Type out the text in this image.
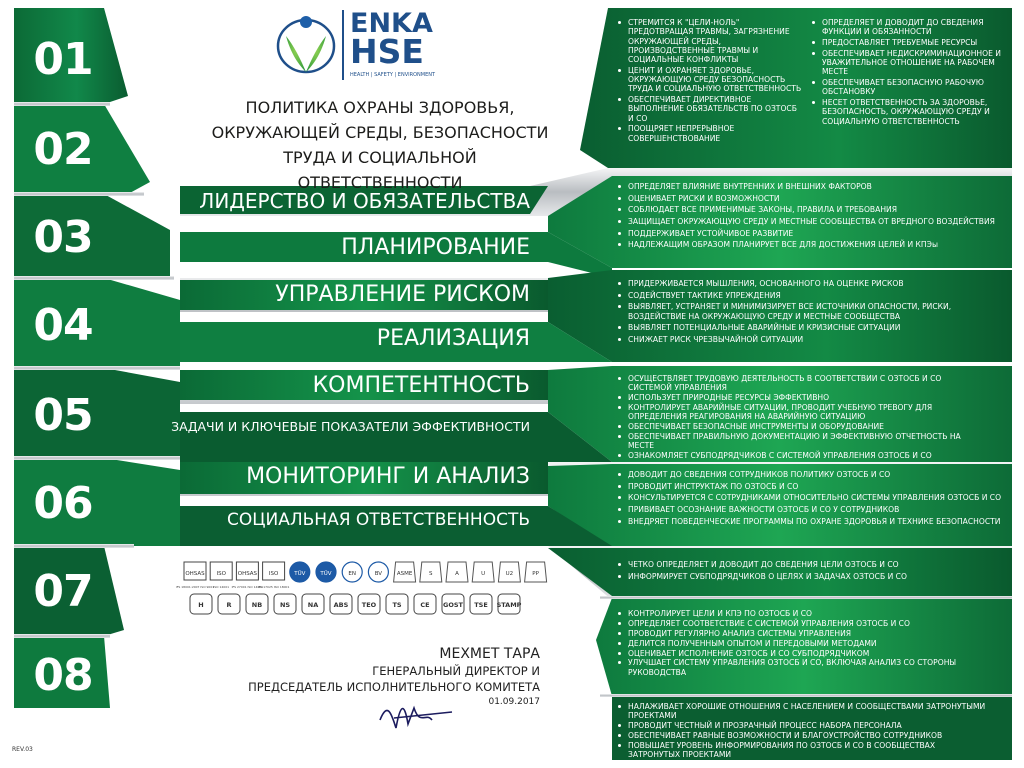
OHSAS
IFS 18001:2007 ISO 9001
ISO
ISO 14001
OHSAS
IFS 27001 ISO 14001
ISO
IFS 17025 ISO 18001
TÜV	TÜV	EN	BV	ASME	S	A	U	U2	PP
H	R	NB	NS	NA ABS TEO TS	CE GOST TSE STAMP
01
02
03
04
05
06
07
08
ENKA
HSE
HEALTH | SAFETY | ENVIRONMENT
ПОЛИТИКА ОХРАНЫ ЗДОРОВЬЯ,
ОКРУЖАЮЩЕЙ СРЕДЫ, БЕЗОПАСНОСТИ
ТРУДА И СОЦИАЛЬНОЙ ОТВЕТСТВЕННОСТИ
ЛИДЕРСТВО И ОБЯЗАТЕЛЬСТВА
ПЛАНИРОВАНИЕ
УПРАВЛЕНИЕ РИСКОМ
РЕАЛИЗАЦИЯ
КОМПЕТЕНТНОСТЬ
ЗАДАЧИ И КЛЮЧЕВЫЕ ПОКАЗАТЕЛИ ЭФФЕКТИВНОСТИ
МОНИТОРИНГ И АНАЛИЗ
СОЦИАЛЬНАЯ ОТВЕТСТВЕННОСТЬ
СТРЕМИТСЯ К "ЦЕЛИ-НОЛЬ" ПРЕДОТВРАЩАЯ ТРАВМЫ, ЗАГРЯЗНЕНИЕ ОКРУЖАЮЩЕЙ СРЕДЫ, ПРОИЗВОДСТВЕННЫЕ ТРАВМЫ И СОЦИАЛЬНЫЕ КОНФЛИКТЫ
ЦЕНИТ И ОХРАНЯЕТ ЗДОРОВЬЕ, ОКРУЖАЮЩУЮ СРЕДУ БЕЗОПАСНОСТЬ ТРУДА И СОЦИАЛЬНУЮ ОТВЕТСТВЕННОСТЬ
ОБЕСПЕЧИВАЕТ ДИРЕКТИВНОЕ ВЫПОЛНЕНИЕ ОБЯЗАТЕЛЬСТВ ПО ОЗТОСБ И СО
ПООЩРЯЕТ НЕПРЕРЫВНОЕ СОВЕРШЕНСТВОВАНИЕ
ОПРЕДЕЛЯЕТ И ДОВОДИТ ДО СВЕДЕНИЯ ФУНКЦИИ И ОБЯЗАННОСТИ
ПРЕДОСТАВЛЯЕТ ТРЕБУЕМЫЕ РЕСУРСЫ
ОБЕСПЕЧИВАЕТ НЕДИСКРИМИНАЦИОННОЕ И УВАЖИТЕЛЬНОЕ ОТНОШЕНИЕ НА РАБОЧЕМ МЕСТЕ
ОБЕСПЕЧИВАЕТ БЕЗОПАСНУЮ РАБОЧУЮ ОБСТАНОВКУ
НЕСЕТ ОТВЕТСТВЕННОСТЬ ЗА ЗДОРОВЬЕ, БЕЗОПАСНОСТЬ, ОКРУЖАЮЩУЮ СРЕДУ И СОЦИАЛЬНУЮ ОТВЕТСТВЕННОСТЬ
ОПРЕДЕЛЯЕТ ВЛИЯНИЕ ВНУТРЕННИХ И ВНЕШНИХ ФАКТОРОВ
ОЦЕНИВАЕТ РИСКИ И ВОЗМОЖНОСТИ
СОБЛЮДАЕТ ВСЕ ПРИМЕНИМЫЕ ЗАКОНЫ, ПРАВИЛА И ТРЕБОВАНИЯ
ЗАЩИЩАЕТ ОКРУЖАЮЩУЮ СРЕДУ И МЕСТНЫЕ СООБЩЕСТВА ОТ ВРЕДНОГО ВОЗДЕЙСТВИЯ
ПОДДЕРЖИВАЕТ УСТОЙЧИВОЕ РАЗВИТИЕ
НАДЛЕЖАЩИМ ОБРАЗОМ ПЛАНИРУЕТ ВСЕ ДЛЯ ДОСТИЖЕНИЯ ЦЕЛЕЙ И КПЭы
ПРИДЕРЖИВАЕТСЯ МЫШЛЕНИЯ, ОСНОВАННОГО НА ОЦЕНКЕ РИСКОВ
СОДЕЙСТВУЕТ ТАКТИКЕ УПРЕЖДЕНИЯ
ВЫЯВЛЯЕТ, УСТРАНЯЕТ И МИНИМИЗИРУЕТ ВСЕ ИСТОЧНИКИ ОПАСНОСТИ, РИСКИ, ВОЗДЕЙСТВИЕ НА ОКРУЖАЮЩУЮ СРЕДУ И МЕСТНЫЕ СООБЩЕСТВА
ВЫЯВЛЯЕТ ПОТЕНЦИАЛЬНЫЕ АВАРИЙНЫЕ И КРИЗИСНЫЕ СИТУАЦИИ
СНИЖАЕТ РИСК ЧРЕЗВЫЧАЙНОЙ СИТУАЦИИ
ОСУЩЕСТВЛЯЕТ ТРУДОВУЮ ДЕЯТЕЛЬНОСТЬ В СООТВЕТСТВИИ С ОЗТОСБ И СО СИСТЕМОЙ УПРАВЛЕНИЯ
ИСПОЛЬЗУЕТ ПРИРОДНЫЕ РЕСУРСЫ ЭФФЕКТИВНО
КОНТРОЛИРУЕТ АВАРИЙНЫЕ СИТУАЦИИ, ПРОВОДИТ УЧЕБНУЮ ТРЕВОГУ ДЛЯ ОПРЕДЕЛЕНИЯ РЕАГИРОВАНИЯ НА АВАРИЙНУЮ СИТУАЦИЮ
ОБЕСПЕЧИВАЕТ БЕЗОПАСНЫЕ ИНСТРУМЕНТЫ И ОБОРУДОВАНИЕ
ОБЕСПЕЧИВАЕТ ПРАВИЛЬНУЮ ДОКУМЕНТАЦИЮ И ЭФФЕКТИВНУЮ ОТЧЕТНОСТЬ НА МЕСТЕ
ОЗНАКОМЛЯЕТ СУБПОДРЯДЧИКОВ С СИСТЕМОЙ УПРАВЛЕНИЯ ОЗТОСБ И СО
ДОВОДИТ ДО СВЕДЕНИЯ СОТРУДНИКОВ ПОЛИТИКУ ОЗТОСБ И СО
ПРОВОДИТ ИНСТРУКТАЖ ПО ОЗТОСБ И СО
КОНСУЛЬТИРУЕТСЯ С СОТРУДНИКАМИ ОТНОСИТЕЛЬНО СИСТЕМЫ УПРАВЛЕНИЯ ОЗТОСБ И СО
ПРИВИВАЕТ ОСОЗНАНИЕ ВАЖНОСТИ ОЗТОСБ И СО У СОТРУДНИКОВ
ВНЕДРЯЕТ ПОВЕДЕНЧЕСКИЕ ПРОГРАММЫ ПО ОХРАНЕ ЗДОРОВЬЯ И ТЕХНИКЕ БЕЗОПАСНОСТИ
ЧЕТКО ОПРЕДЕЛЯЕТ И ДОВОДИТ ДО СВЕДЕНИЯ ЦЕЛИ ОЗТОСБ И СО
ИНФОРМИРУЕТ СУБПОДРЯДЧИКОВ О ЦЕЛЯХ И ЗАДАЧАХ ОЗТОСБ И СО
КОНТРОЛИРУЕТ ЦЕЛИ И КПЭ ПО ОЗТОСБ И СО
ОПРЕДЕЛЯЕТ СООТВЕТСТВИЕ С СИСТЕМОЙ УПРАВЛЕНИЯ ОЗТОСБ И СО
ПРОВОДИТ РЕГУЛЯРНО АНАЛИЗ СИСТЕМЫ УПРАВЛЕНИЯ
ДЕЛИТСЯ ПОЛУЧЕННЫМ ОПЫТОМ И ПЕРЕДОВЫМИ МЕТОДАМИ
ОЦЕНИВАЕТ ИСПОЛНЕНИЕ ОЗТОСБ И СО СУБПОДРЯДЧИКОМ
УЛУЧШАЕТ СИСТЕМУ УПРАВЛЕНИЯ ОЗТОСБ И СО, ВКЛЮЧАЯ АНАЛИЗ СО СТОРОНЫ РУКОВОДСТВА
НАЛАЖИВАЕТ ХОРОШИЕ ОТНОШЕНИЯ С НАСЕЛЕНИЕМ И СООБЩЕСТВАМИ ЗАТРОНУТЫМИ ПРОЕКТАМИ
ПРОВОДИТ ЧЕСТНЫЙ И ПРОЗРАЧНЫЙ ПРОЦЕСС НАБОРА ПЕРСОНАЛА
ОБЕСПЕЧИВАЕТ РАВНЫЕ ВОЗМОЖНОСТИ И БЛАГОУСТРОЙСТВО СОТРУДНИКОВ
ПОВЫШАЕТ УРОВЕНЬ ИНФОРМИРОВАНИЯ ПО ОЗТОСБ И СО В СООБЩЕСТВАХ ЗАТРОНУТЫХ ПРОЕКТАМИ
МЕХМЕТ ТАРА
ГЕНЕРАЛЬНЫЙ ДИРЕКТОР И
ПРЕДСЕДАТЕЛЬ ИСПОЛНИТЕЛЬНОГО КОМИТЕТА
01.09.2017
REV.03
